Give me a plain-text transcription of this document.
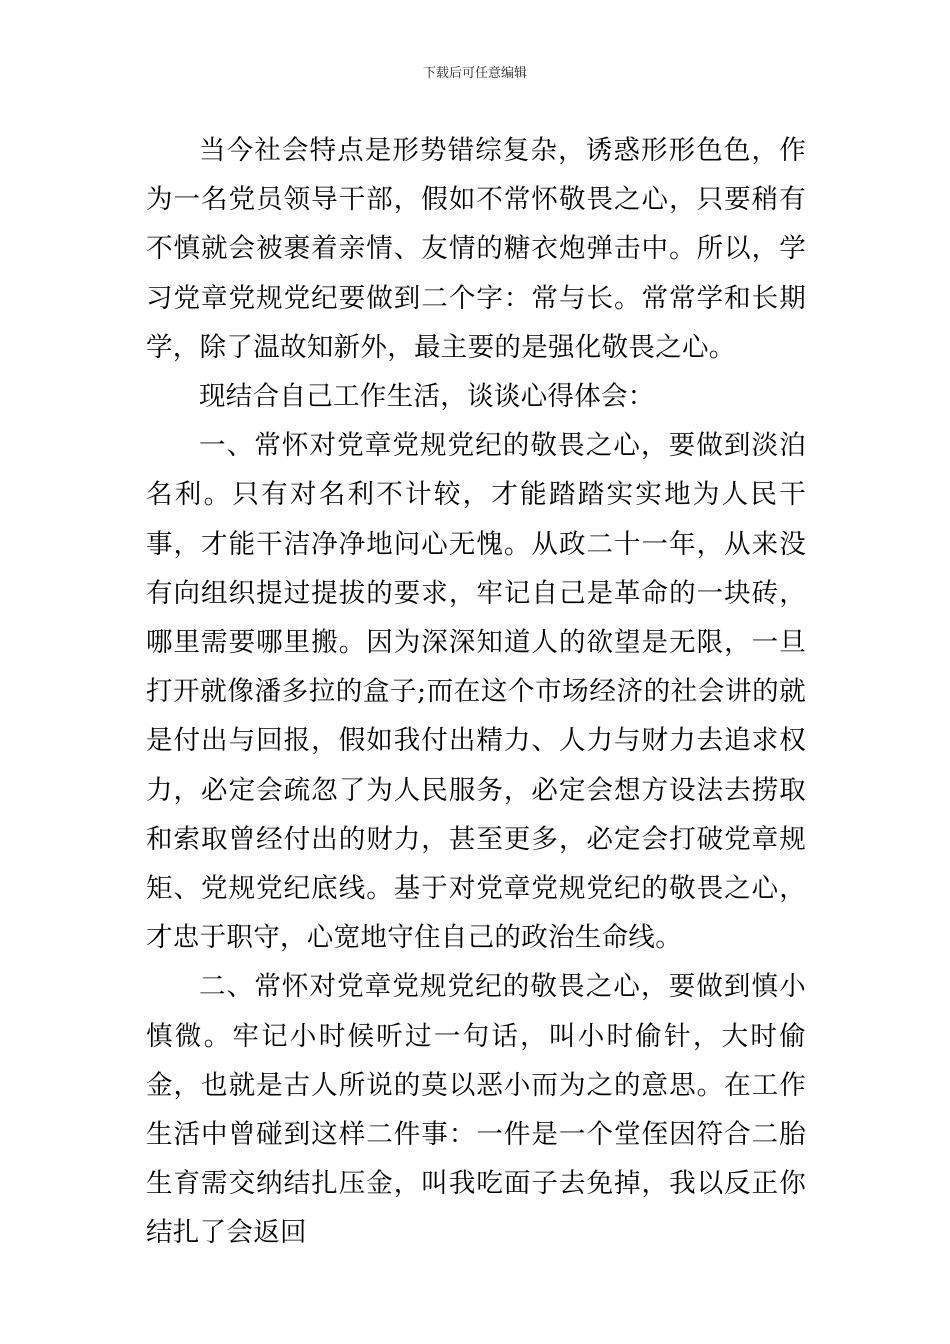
下载后可任意编辑

当今社会特点是形势错综复杂，诱惑形形色色，作为一名党员领导干部，假如不常怀敬畏之心，只要稍有不慎就会被裹着亲情、友情的糖衣炮弹击中。所以，学习党章党规党纪要做到二个字：常与长。常常学和长期学，除了温故知新外，最主要的是强化敬畏之心。

现结合自己工作生活，谈谈心得体会：

一、常怀对党章党规党纪的敬畏之心，要做到淡泊名利。只有对名利不计较，才能踏踏实实地为人民干事，才能干洁净净地问心无愧。从政二十一年，从来没有向组织提过提拔的要求，牢记自己是革命的一块砖，哪里需要哪里搬。因为深深知道人的欲望是无限，一旦打开就像潘多拉的盒子;而在这个市场经济的社会讲的就是付出与回报，假如我付出精力、人力与财力去追求权力，必定会疏忽了为人民服务，必定会想方设法去捞取和索取曾经付出的财力，甚至更多，必定会打破党章规矩、党规党纪底线。基于对党章党规党纪的敬畏之心，才忠于职守，心宽地守住自己的政治生命线。

二、常怀对党章党规党纪的敬畏之心，要做到慎小慎微。牢记小时候听过一句话，叫小时偷针，大时偷金，也就是古人所说的莫以恶小而为之的意思。在工作生活中曾碰到这样二件事：一件是一个堂侄因符合二胎生育需交纳结扎压金，叫我吃面子去免掉，我以反正你结扎了会返回
